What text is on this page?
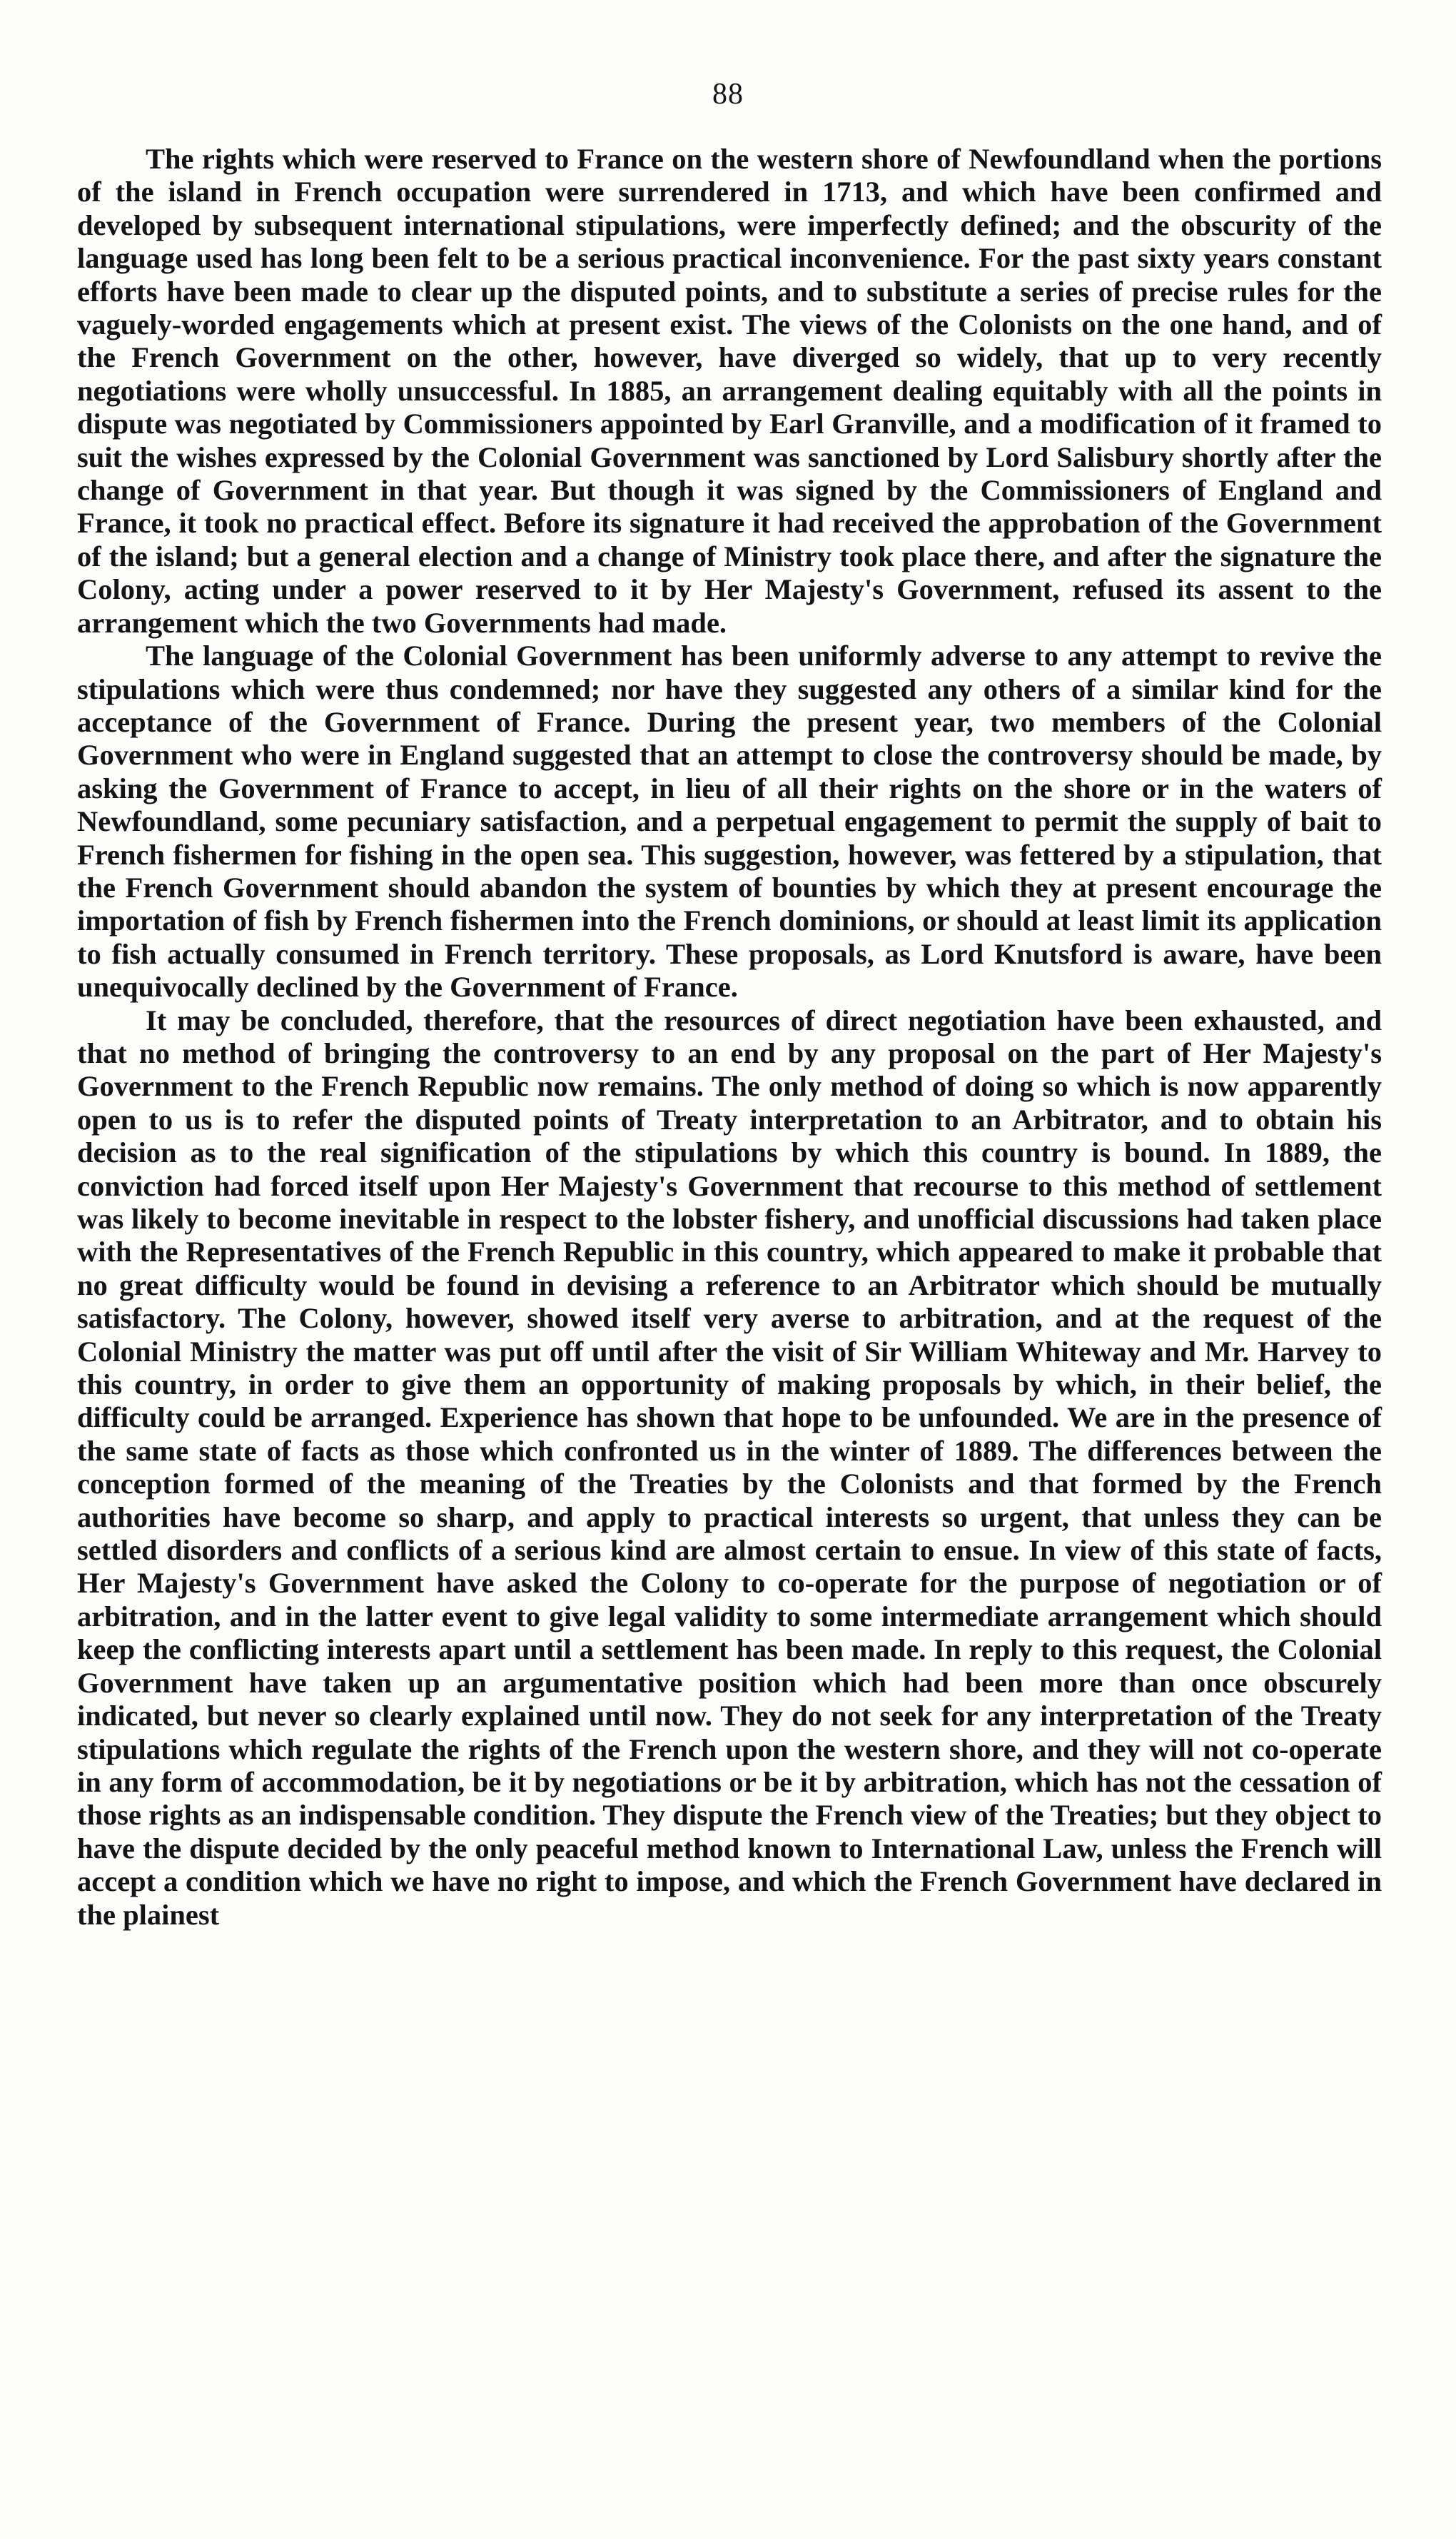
88

The rights which were reserved to France on the western shore of Newfoundland when the portions of the island in French occupation were surrendered in 1713, and which have been confirmed and developed by subsequent international stipulations, were imperfectly defined; and the obscurity of the language used has long been felt to be a serious practical inconvenience. For the past sixty years constant efforts have been made to clear up the disputed points, and to substitute a series of precise rules for the vaguely-worded engagements which at present exist. The views of the Colonists on the one hand, and of the French Government on the other, however, have diverged so widely, that up to very recently negotiations were wholly unsuccessful. In 1885, an arrangement dealing equitably with all the points in dispute was negotiated by Commissioners appointed by Earl Granville, and a modification of it framed to suit the wishes expressed by the Colonial Government was sanctioned by Lord Salisbury shortly after the change of Government in that year. But though it was signed by the Commissioners of England and France, it took no practical effect. Before its signature it had received the approbation of the Government of the island; but a general election and a change of Ministry took place there, and after the signature the Colony, acting under a power reserved to it by Her Majesty's Government, refused its assent to the arrangement which the two Governments had made.

The language of the Colonial Government has been uniformly adverse to any attempt to revive the stipulations which were thus condemned; nor have they suggested any others of a similar kind for the acceptance of the Government of France. During the present year, two members of the Colonial Government who were in England suggested that an attempt to close the controversy should be made, by asking the Government of France to accept, in lieu of all their rights on the shore or in the waters of Newfoundland, some pecuniary satisfaction, and a perpetual engagement to permit the supply of bait to French fishermen for fishing in the open sea. This suggestion, however, was fettered by a stipulation, that the French Government should abandon the system of bounties by which they at present encourage the importation of fish by French fishermen into the French dominions, or should at least limit its application to fish actually consumed in French territory. These proposals, as Lord Knutsford is aware, have been unequivocally declined by the Government of France.

It may be concluded, therefore, that the resources of direct negotiation have been exhausted, and that no method of bringing the controversy to an end by any proposal on the part of Her Majesty's Government to the French Republic now remains. The only method of doing so which is now apparently open to us is to refer the disputed points of Treaty interpretation to an Arbitrator, and to obtain his decision as to the real signification of the stipulations by which this country is bound. In 1889, the conviction had forced itself upon Her Majesty's Government that recourse to this method of settlement was likely to become inevitable in respect to the lobster fishery, and unofficial discussions had taken place with the Representatives of the French Republic in this country, which appeared to make it probable that no great difficulty would be found in devising a reference to an Arbitrator which should be mutually satisfactory. The Colony, however, showed itself very averse to arbitration, and at the request of the Colonial Ministry the matter was put off until after the visit of Sir William Whiteway and Mr. Harvey to this country, in order to give them an opportunity of making proposals by which, in their belief, the difficulty could be arranged. Experience has shown that hope to be unfounded. We are in the presence of the same state of facts as those which confronted us in the winter of 1889. The differences between the conception formed of the meaning of the Treaties by the Colonists and that formed by the French authorities have become so sharp, and apply to practical interests so urgent, that unless they can be settled disorders and conflicts of a serious kind are almost certain to ensue. In view of this state of facts, Her Majesty's Government have asked the Colony to co-operate for the purpose of negotiation or of arbitration, and in the latter event to give legal validity to some intermediate arrangement which should keep the conflicting interests apart until a settlement has been made. In reply to this request, the Colonial Government have taken up an argumentative position which had been more than once obscurely indicated, but never so clearly explained until now. They do not seek for any interpretation of the Treaty stipulations which regulate the rights of the French upon the western shore, and they will not co-operate in any form of accommodation, be it by negotiations or be it by arbitration, which has not the cessation of those rights as an indispensable condition. They dispute the French view of the Treaties; but they object to have the dispute decided by the only peaceful method known to International Law, unless the French will accept a condition which we have no right to impose, and which the French Government have declared in the plainest
